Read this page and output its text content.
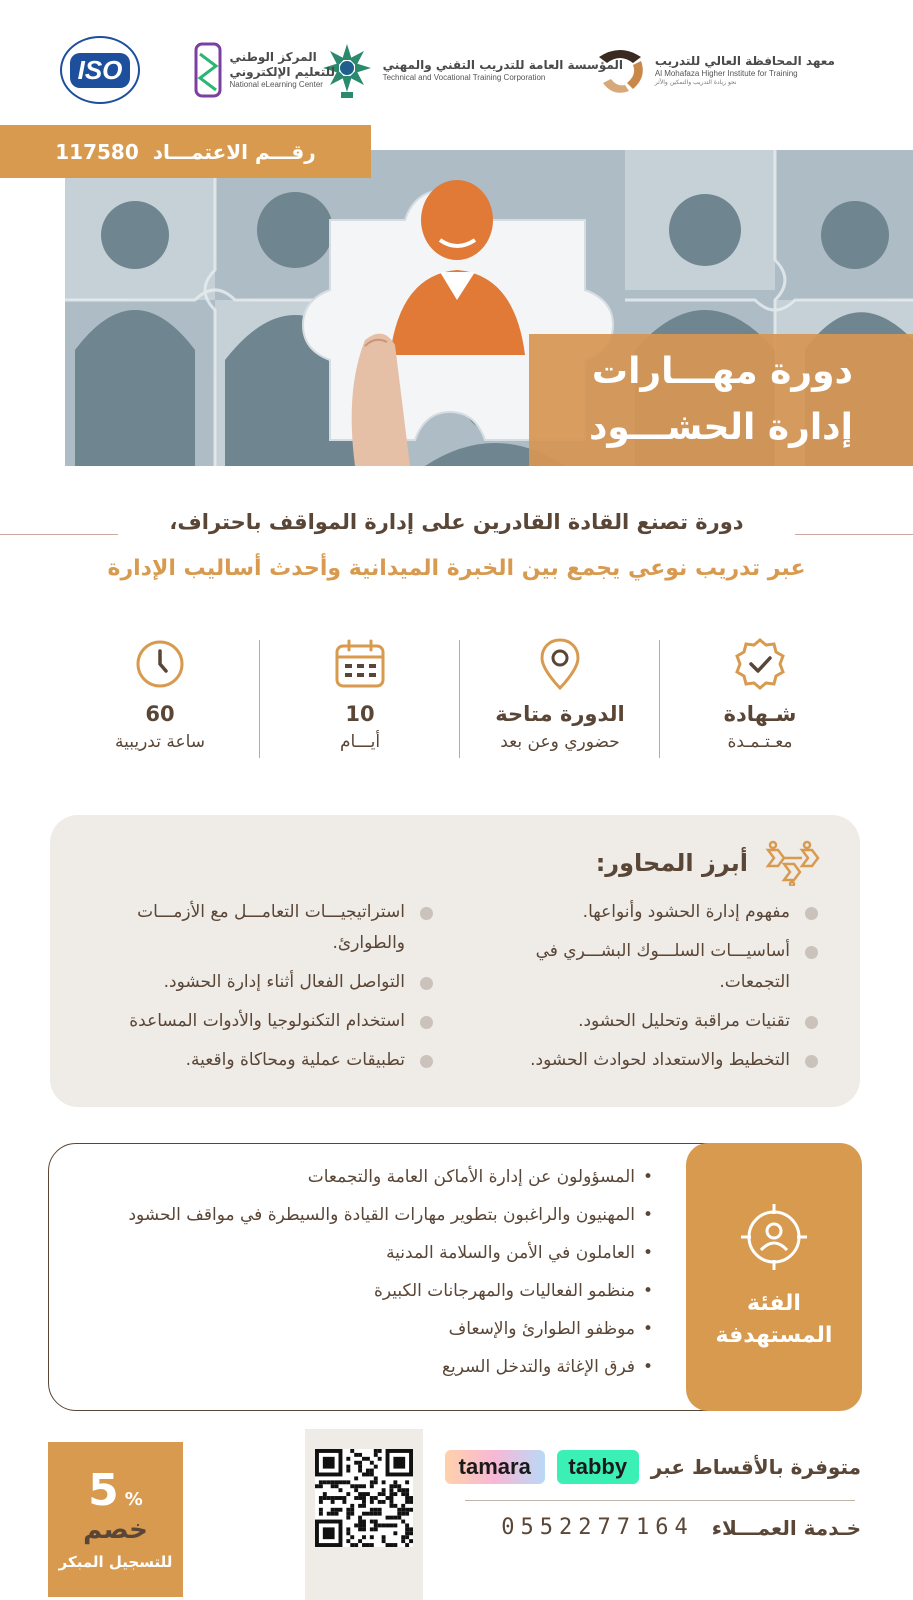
معهد المحافظة العالي للتدريب
Al Mohafaza Higher Institute for Training
نحو ريادة التدريب والتمكين والأثر
المؤسسة العامة للتدريب التقني والمهني
Technical and Vocational Training Corporation
المركز الوطني
للتعليم الإلكتروني
National eLearning Center
ISO
رقـــم الاعتمـــاد
117580
دورة مهـــارات
إدارة الحشـــود
دورة تصنع القادة القادرين على إدارة المواقف باحتراف،
عبر تدريب نوعي يجمع بين الخبرة الميدانية وأحدث أساليب الإدارة
شـهادة
معـتـمـدة
الدورة متاحة
حضوري وعن بعد
10
أيـــام
60
ساعة تدريبية
أبرز المحاور:
مفهوم إدارة الحشود وأنواعها.
أساسيـــات السلـــوك البشـــري في التجمعات.
تقنيات مراقبة وتحليل الحشود.
التخطيط والاستعداد لحوادث الحشود.
استراتيجيـــات التعامـــل مع الأزمـــات والطوارئ.
التواصل الفعال أثناء إدارة الحشود.
استخدام التكنولوجيا والأدوات المساعدة
تطبيقات عملية ومحاكاة واقعية.
الفئة
المستهدفة
• المسؤولون عن إدارة الأماكن العامة والتجمعات
• المهنيون والراغبون بتطوير مهارات القيادة والسيطرة في مواقف الحشود
• العاملون في الأمن والسلامة المدنية
• منظمو الفعاليات والمهرجانات الكبيرة
• موظفو الطوارئ والإسعاف
• فرق الإغاثة والتدخل السريع
متوفرة بالأقساط عبر
tabby
tamara
خـدمة العمـــلاء
0552277164
%
5
خصم
للتسجيل المبكر
